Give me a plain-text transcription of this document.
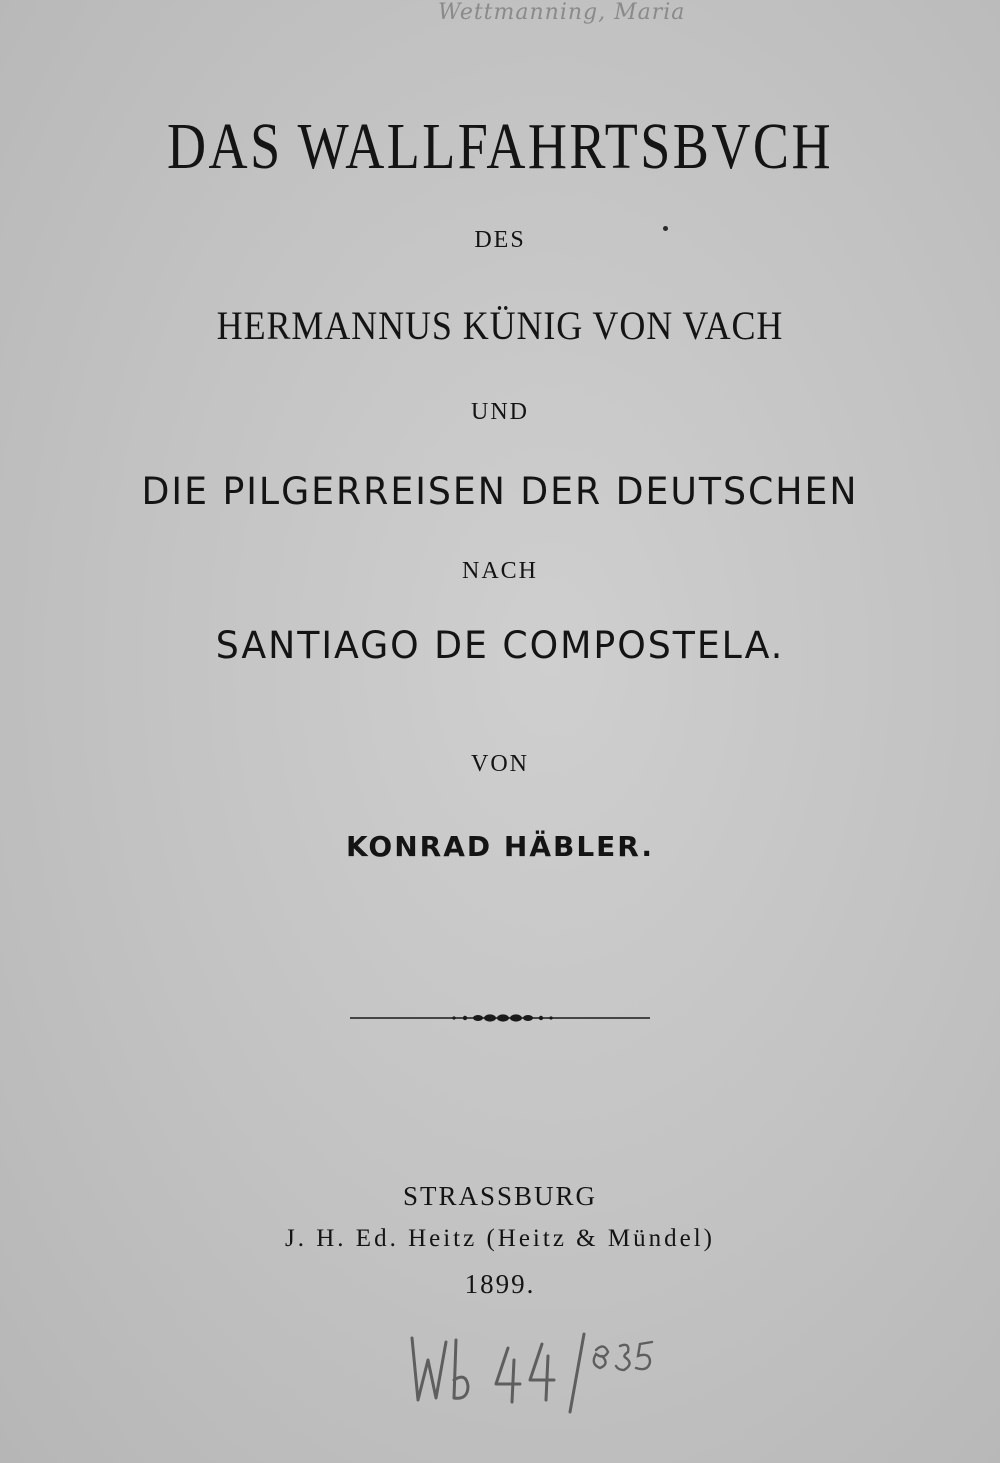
Wettmanning, Maria
DAS WALLFAHRTSBVCH
DES
HERMANNUS KÜNIG VON VACH
UND
DIE PILGERREISEN DER DEUTSCHEN
NACH
SANTIAGO DE COMPOSTELA.
VON
KONRAD HÄBLER.
STRASSBURG
J. H. Ed. Heitz (Heitz & Mündel)
1899.
